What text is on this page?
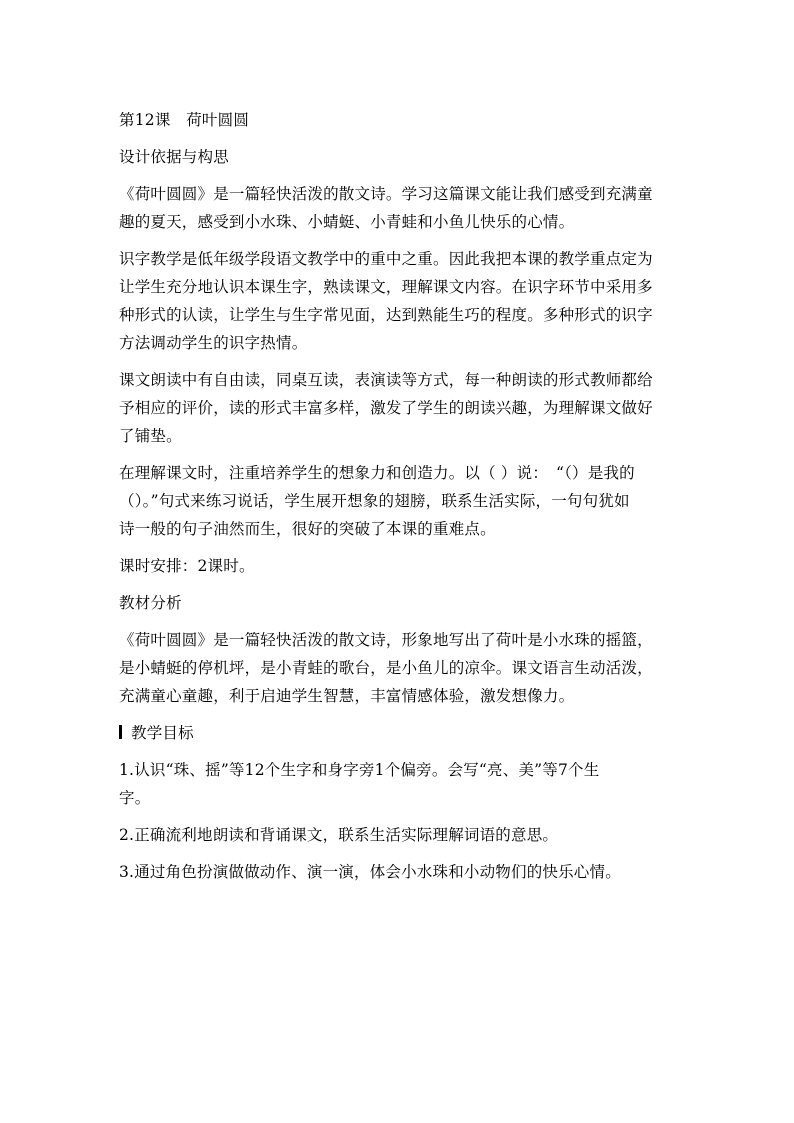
第12课　荷叶圆圆
设计依据与构思
《荷叶圆圆》是一篇轻快活泼的散文诗。学习这篇课文能让我们感受到充满童
趣的夏天，感受到小水珠、小蜻蜓、小青蛙和小鱼儿快乐的心情。
识字教学是低年级学段语文教学中的重中之重。因此我把本课的教学重点定为
让学生充分地认识本课生字，熟读课文，理解课文内容。在识字环节中采用多
种形式的认读，让学生与生字常见面，达到熟能生巧的程度。多种形式的识字
方法调动学生的识字热情。
课文朗读中有自由读，同桌互读，表演读等方式，每一种朗读的形式教师都给
予相应的评价，读的形式丰富多样，激发了学生的朗读兴趣，为理解课文做好
了铺垫。
在理解课文时，注重培养学生的想象力和创造力。以（ ）说：　“（）是我的
（）。”句式来练习说话，学生展开想象的翅膀，联系生活实际，一句句犹如
诗一般的句子油然而生，很好的突破了本课的重难点。
课时安排：2课时。
教材分析
《荷叶圆圆》是一篇轻快活泼的散文诗，形象地写出了荷叶是小水珠的摇篮，
是小蜻蜓的停机坪，是小青蛙的歌台，是小鱼儿的凉伞。课文语言生动活泼，
充满童心童趣，利于启迪学生智慧，丰富情感体验，激发想像力。
教学目标
1.认识“珠、摇”等12个生字和身字旁1个偏旁。会写“亮、美”等7个生
字。
2.正确流利地朗读和背诵课文，联系生活实际理解词语的意思。
3.通过角色扮演做做动作、演一演，体会小水珠和小动物们的快乐心情。
